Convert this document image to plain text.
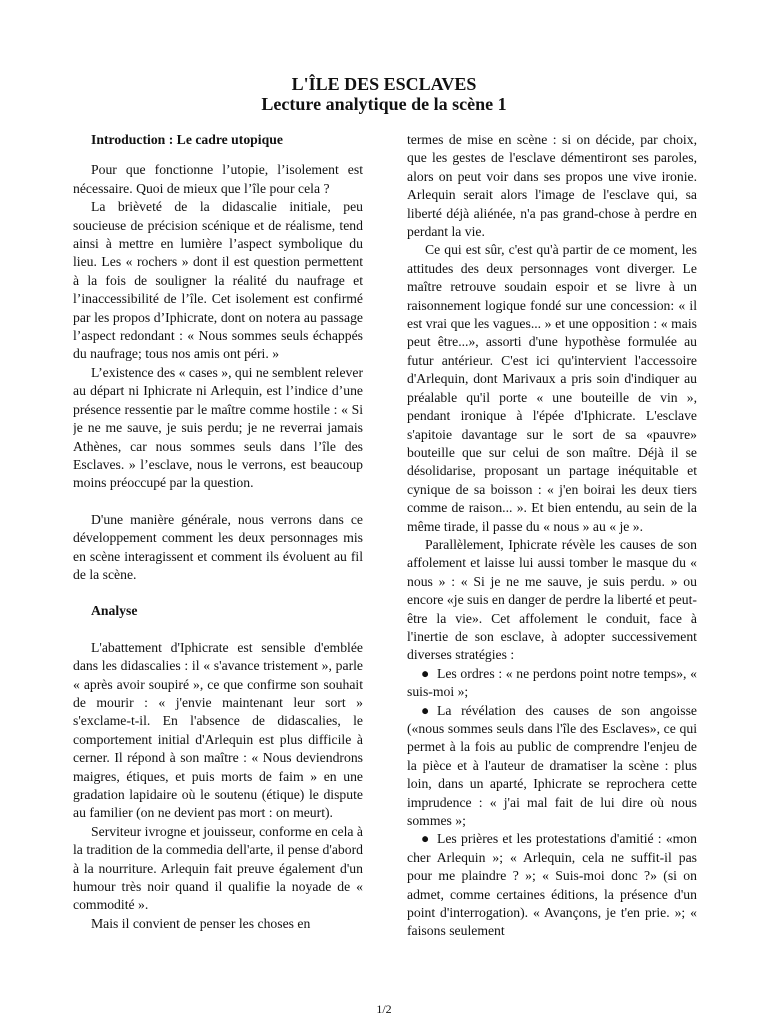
L'ÎLE DES ESCLAVES
Lecture analytique de la scène 1

Introduction : Le cadre utopique

Pour que fonctionne l’utopie, l’isolement est nécessaire. Quoi de mieux que l’île pour cela ?

La brièveté de la didascalie initiale, peu soucieuse de précision scénique et de réalisme, tend ainsi à mettre en lumière l’aspect symbolique du lieu. Les « rochers » dont il est question permettent à la fois de souligner la réalité du naufrage et l’inaccessibilité de l’île. Cet isolement est confirmé par les propos d’Iphicrate, dont on notera au passage l’aspect redondant : « Nous sommes seuls échappés du naufrage; tous nos amis ont péri. »

L’existence des « cases », qui ne semblent relever au départ ni Iphicrate ni Arlequin, est l’indice d’une présence ressentie par le maître comme hostile : « Si je ne me sauve, je suis perdu; je ne reverrai jamais Athènes, car nous sommes seuls dans l’île des Esclaves. » l’esclave, nous le verrons, est beaucoup moins préoccupé par la question.

D'une manière générale, nous verrons dans ce développement comment les deux personnages mis en scène interagissent et comment ils évoluent au fil de la scène.

Analyse

L'abattement d'Iphicrate est sensible d'emblée dans les didascalies : il « s'avance tristement », parle « après avoir soupiré », ce que confirme son souhait de mourir : « j'envie maintenant leur sort » s'exclame-t-il. En l'absence de didascalies, le comportement initial d'Arlequin est plus difficile à cerner. Il répond à son maître : « Nous deviendrons maigres, étiques, et puis morts de faim » en une gradation lapidaire où le soutenu (étique) le dispute au familier (on ne devient pas mort : on meurt).

Serviteur ivrogne et jouisseur, conforme en cela à la tradition de la commedia dell'arte, il pense d'abord à la nourriture. Arlequin fait preuve également d'un humour très noir quand il qualifie la noyade de « commodité ».

Mais il convient de penser les choses en

termes de mise en scène : si on décide, par choix, que les gestes de l'esclave démentiront ses paroles, alors on peut voir dans ses propos une vive ironie. Arlequin serait alors l'image de l'esclave qui, sa liberté déjà aliénée, n'a pas grand-chose à perdre en perdant la vie.

Ce qui est sûr, c'est qu'à partir de ce moment, les attitudes des deux personnages vont diverger. Le maître retrouve soudain espoir et se livre à un raisonnement logique fondé sur une concession: « il est vrai que les vagues... » et une opposition : « mais peut être...», assorti d'une hypothèse formulée au futur antérieur. C'est ici qu'intervient l'accessoire d'Arlequin, dont Marivaux a pris soin d'indiquer au préalable qu'il porte « une bouteille de vin », pendant ironique à l'épée d'Iphicrate. L'esclave s'apitoie davantage sur le sort de sa «pauvre» bouteille que sur celui de son maître. Déjà il se désolidarise, proposant un partage inéquitable et cynique de sa boisson : « j'en boirai les deux tiers comme de raison... ». Et bien entendu, au sein de la même tirade, il passe du « nous » au « je ».

Parallèlement, Iphicrate révèle les causes de son affolement et laisse lui aussi tomber le masque du « nous » : « Si je ne me sauve, je suis perdu. » ou encore «je suis en danger de perdre la liberté et peut-être la vie». Cet affolement le conduit, face à l'inertie de son esclave, à adopter successivement diverses stratégies :

● Les ordres : « ne perdons point notre temps», « suis-moi »;

● La révélation des causes de son angoisse («nous sommes seuls dans l'île des Esclaves», ce qui permet à la fois au public de comprendre l'enjeu de la pièce et à l'auteur de dramatiser la scène : plus loin, dans un aparté, Iphicrate se reprochera cette imprudence : « j'ai mal fait de lui dire où nous sommes »;

● Les prières et les protestations d'amitié : «mon cher Arlequin »; « Arlequin, cela ne suffit-il pas pour me plaindre ? »; « Suis-moi donc ?» (si on admet, comme certaines éditions, la présence d'un point d'interrogation). « Avançons, je t'en prie. »; « faisons seulement

1/2
